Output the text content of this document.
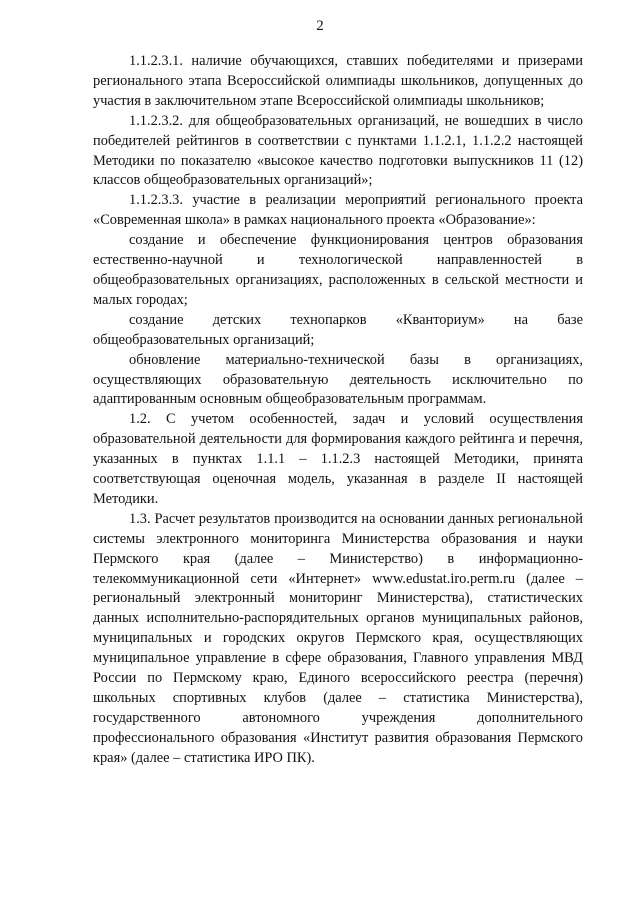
2

1.1.2.3.1. наличие обучающихся, ставших победителями и призерами регионального этапа Всероссийской олимпиады школьников, допущенных до участия в заключительном этапе Всероссийской олимпиады школьников;

1.1.2.3.2. для общеобразовательных организаций, не вошедших в число победителей рейтингов в соответствии с пунктами 1.1.2.1, 1.1.2.2 настоящей Методики по показателю «высокое качество подготовки выпускников 11 (12) классов общеобразовательных организаций»;

1.1.2.3.3. участие в реализации мероприятий регионального проекта «Современная школа» в рамках национального проекта «Образование»:

создание и обеспечение функционирования центров образования естественно-научной и технологической направленностей в общеобразовательных организациях, расположенных в сельской местности и малых городах;

создание детских технопарков «Кванториум» на базе общеобразовательных организаций;

обновление материально-технической базы в организациях, осуществляющих образовательную деятельность исключительно по адаптированным основным общеобразовательным программам.

1.2. С учетом особенностей, задач и условий осуществления образовательной деятельности для формирования каждого рейтинга и перечня, указанных в пунктах 1.1.1 – 1.1.2.3 настоящей Методики, принята соответствующая оценочная модель, указанная в разделе II настоящей Методики.

1.3. Расчет результатов производится на основании данных региональной системы электронного мониторинга Министерства образования и науки Пермского края (далее – Министерство) в информационно-телекоммуникационной сети «Интернет» www.edustat.iro.perm.ru (далее – региональный электронный мониторинг Министерства), статистических данных исполнительно-распорядительных органов муниципальных районов, муниципальных и городских округов Пермского края, осуществляющих муниципальное управление в сфере образования, Главного управления МВД России по Пермскому краю, Единого всероссийского реестра (перечня) школьных спортивных клубов (далее – статистика Министерства), государственного автономного учреждения дополнительного профессионального образования «Институт развития образования Пермского края» (далее – статистика ИРО ПК).
